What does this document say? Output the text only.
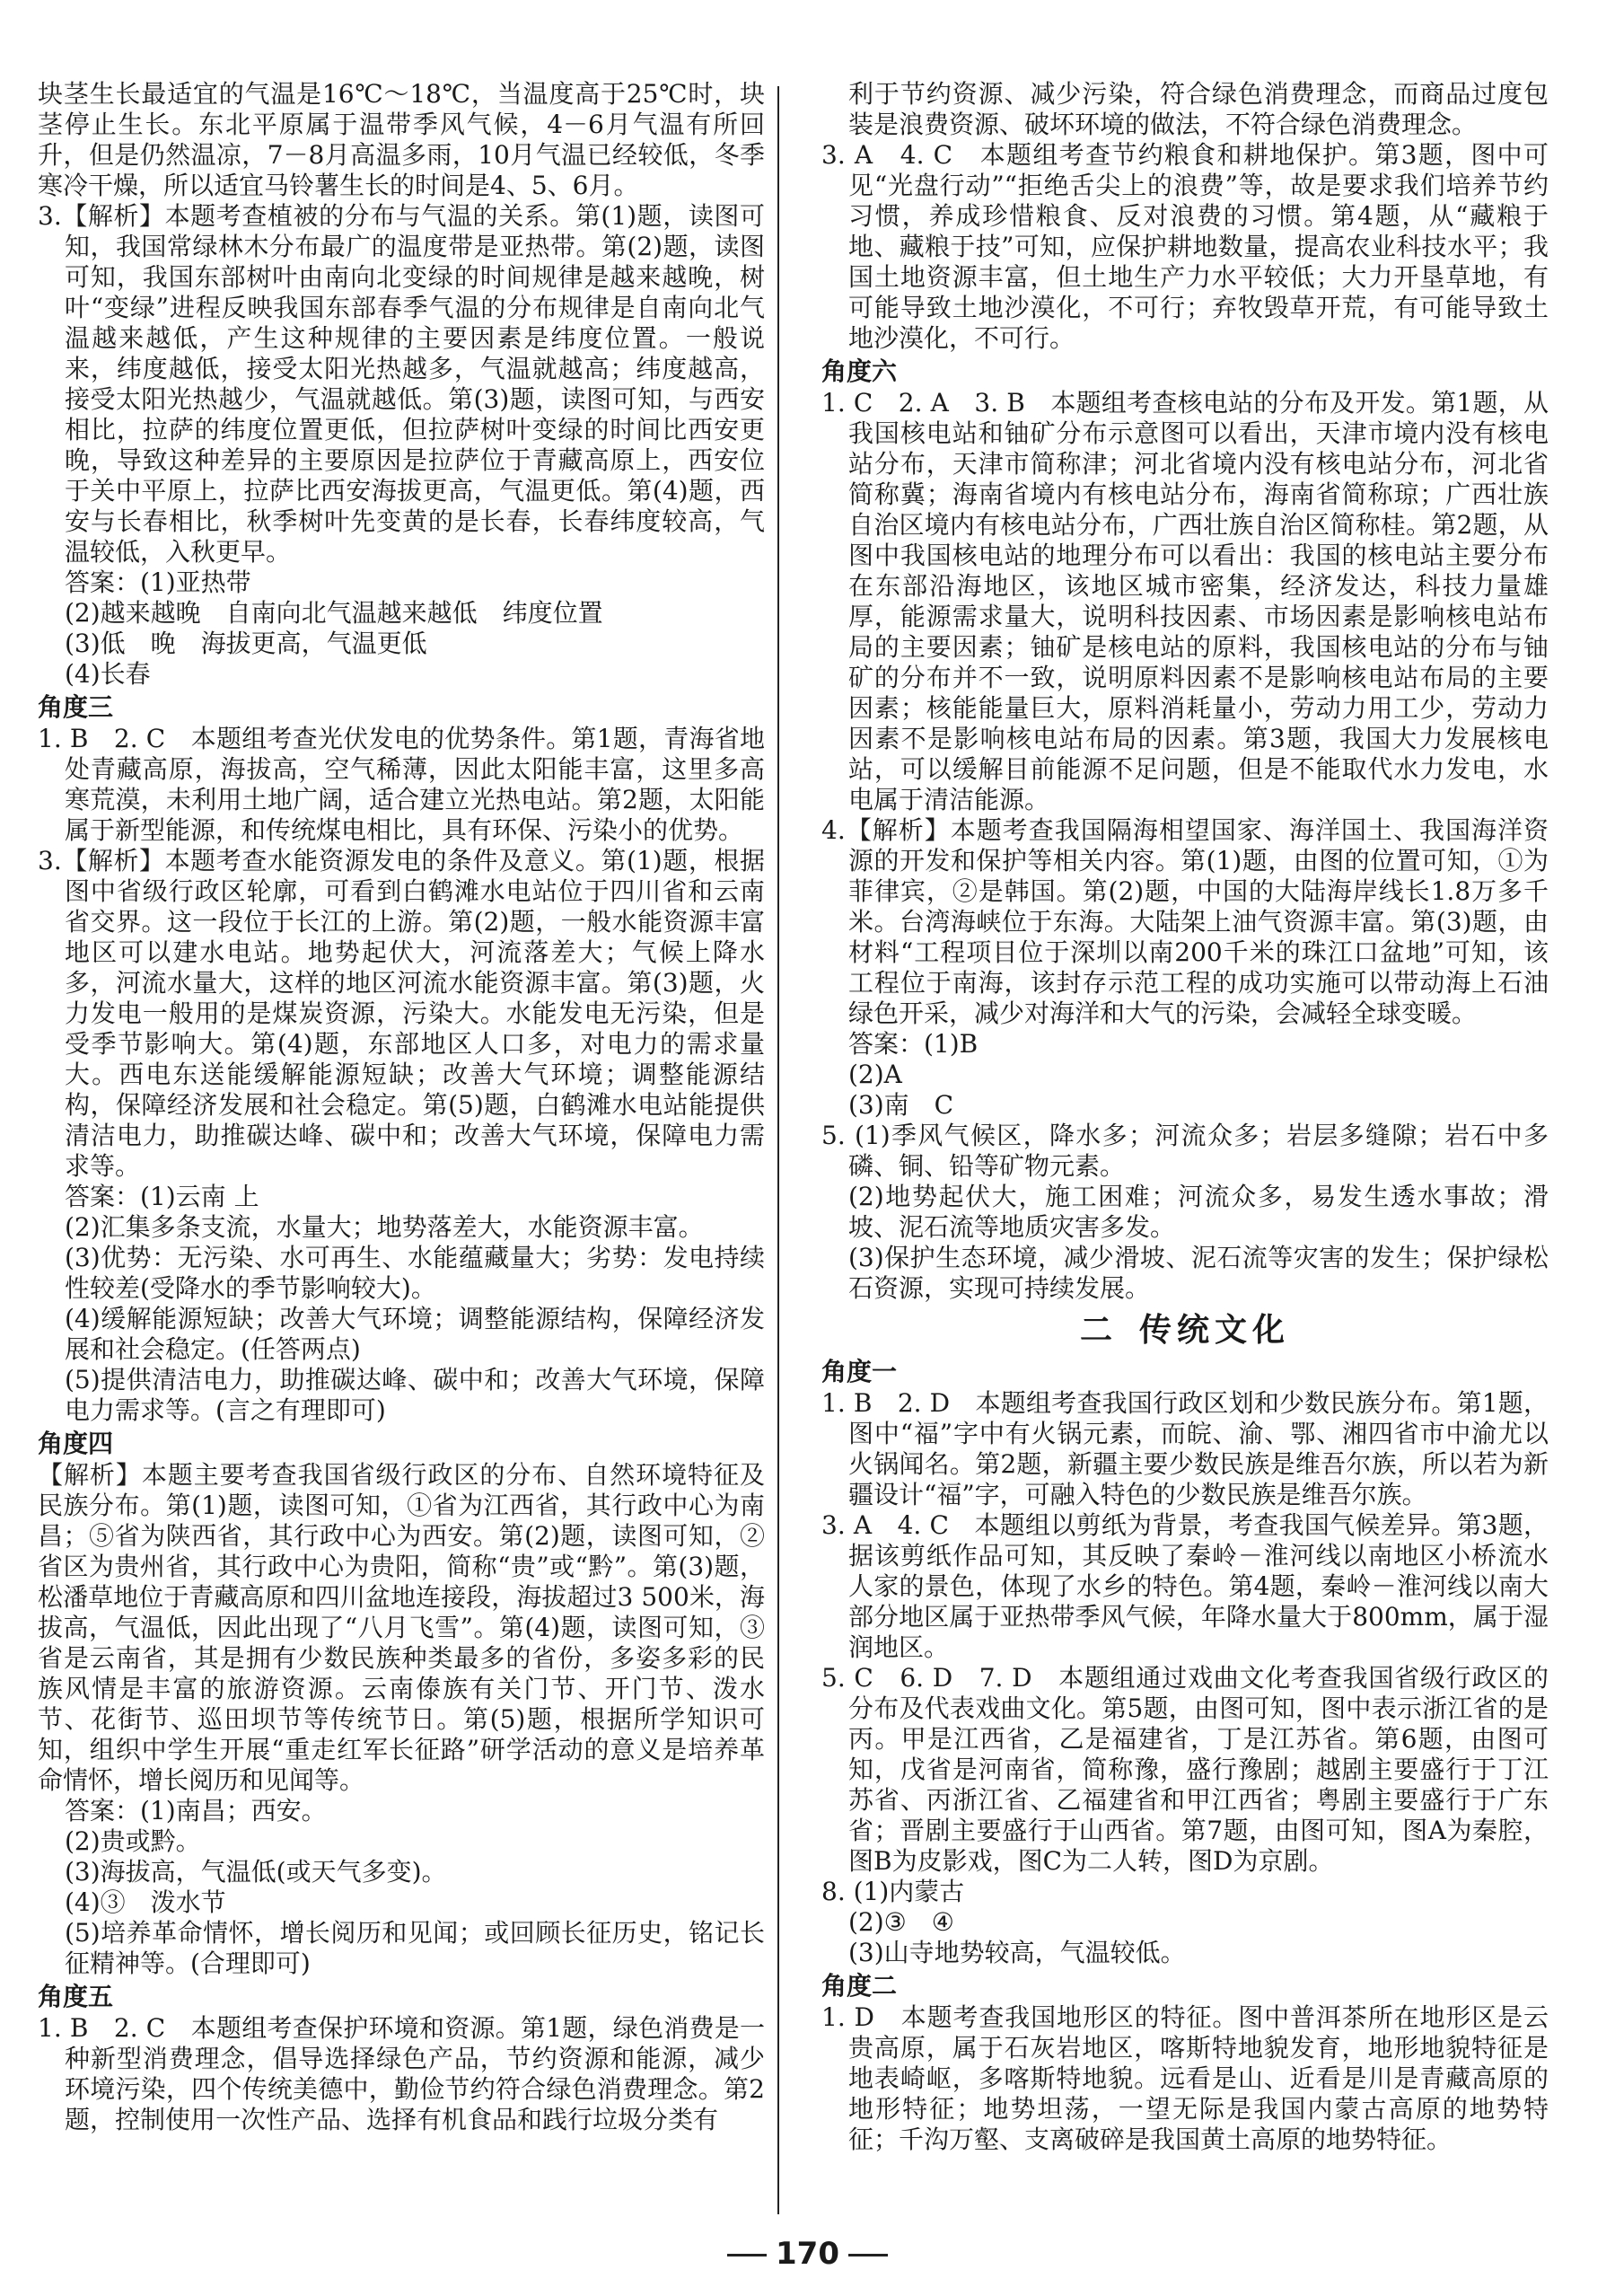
块茎生长最适宜的气温是16℃～18℃，当温度高于25℃时，块茎停止生长。东北平原属于温带季风气候，4－6月气温有所回升，但是仍然温凉，7－8月高温多雨，10月气温已经较低，冬季寒冷干燥，所以适宜马铃薯生长的时间是4、5、6月。

3.【解析】本题考查植被的分布与气温的关系。第(1)题，读图可知，我国常绿林木分布最广的温度带是亚热带。第(2)题，读图可知，我国东部树叶由南向北变绿的时间规律是越来越晚，树叶“变绿”进程反映我国东部春季气温的分布规律是自南向北气温越来越低，产生这种规律的主要因素是纬度位置。一般说来，纬度越低，接受太阳光热越多，气温就越高；纬度越高，接受太阳光热越少，气温就越低。第(3)题，读图可知，与西安相比，拉萨的纬度位置更低，但拉萨树叶变绿的时间比西安更晚，导致这种差异的主要原因是拉萨位于青藏高原上，西安位于关中平原上，拉萨比西安海拔更高，气温更低。第(4)题，西安与长春相比，秋季树叶先变黄的是长春，长春纬度较高，气温较低，入秋更早。

答案：(1)亚热带

(2)越来越晚　自南向北气温越来越低　纬度位置

(3)低　晚　海拔更高，气温更低

(4)长春

角度三

1. B　2. C　本题组考查光伏发电的优势条件。第1题，青海省地处青藏高原，海拔高，空气稀薄，因此太阳能丰富，这里多高寒荒漠，未利用土地广阔，适合建立光热电站。第2题，太阳能属于新型能源，和传统煤电相比，具有环保、污染小的优势。

3.【解析】本题考查水能资源发电的条件及意义。第(1)题，根据图中省级行政区轮廓，可看到白鹤滩水电站位于四川省和云南省交界。这一段位于长江的上游。第(2)题，一般水能资源丰富地区可以建水电站。地势起伏大，河流落差大；气候上降水多，河流水量大，这样的地区河流水能资源丰富。第(3)题，火力发电一般用的是煤炭资源，污染大。水能发电无污染，但是受季节影响大。第(4)题，东部地区人口多，对电力的需求量大。西电东送能缓解能源短缺；改善大气环境；调整能源结构，保障经济发展和社会稳定。第(5)题，白鹤滩水电站能提供清洁电力，助推碳达峰、碳中和；改善大气环境，保障电力需求等。

答案：(1)云南 上

(2)汇集多条支流，水量大；地势落差大，水能资源丰富。

(3)优势：无污染、水可再生、水能蕴藏量大；劣势：发电持续性较差(受降水的季节影响较大)。

(4)缓解能源短缺；改善大气环境；调整能源结构，保障经济发展和社会稳定。(任答两点)

(5)提供清洁电力，助推碳达峰、碳中和；改善大气环境，保障电力需求等。(言之有理即可)

角度四

【解析】本题主要考查我国省级行政区的分布、自然环境特征及民族分布。第(1)题，读图可知，①省为江西省，其行政中心为南昌；⑤省为陕西省，其行政中心为西安。第(2)题，读图可知，②省区为贵州省，其行政中心为贵阳，简称“贵”或“黔”。第(3)题，松潘草地位于青藏高原和四川盆地连接段，海拔超过3 500米，海拔高，气温低，因此出现了“八月飞雪”。第(4)题，读图可知，③省是云南省，其是拥有少数民族种类最多的省份，多姿多彩的民族风情是丰富的旅游资源。云南傣族有关门节、开门节、泼水节、花街节、巡田坝节等传统节日。第(5)题，根据所学知识可知，组织中学生开展“重走红军长征路”研学活动的意义是培养革命情怀，增长阅历和见闻等。

答案：(1)南昌；西安。

(2)贵或黔。

(3)海拔高，气温低(或天气多变)。

(4)③　泼水节

(5)培养革命情怀，增长阅历和见闻；或回顾长征历史，铭记长征精神等。(合理即可)

角度五

1. B　2. C　本题组考查保护环境和资源。第1题，绿色消费是一种新型消费理念，倡导选择绿色产品，节约资源和能源，减少环境污染，四个传统美德中，勤俭节约符合绿色消费理念。第2题，控制使用一次性产品、选择有机食品和践行垃圾分类有

利于节约资源、减少污染，符合绿色消费理念，而商品过度包装是浪费资源、破坏环境的做法，不符合绿色消费理念。

3. A　4. C　本题组考查节约粮食和耕地保护。第3题，图中可见“光盘行动”“拒绝舌尖上的浪费”等，故是要求我们培养节约习惯，养成珍惜粮食、反对浪费的习惯。第4题，从“藏粮于地、藏粮于技”可知，应保护耕地数量，提高农业科技水平；我国土地资源丰富，但土地生产力水平较低；大力开垦草地，有可能导致土地沙漠化，不可行；弃牧毁草开荒，有可能导致土地沙漠化，不可行。

角度六

1. C　2. A　3. B　本题组考查核电站的分布及开发。第1题，从我国核电站和铀矿分布示意图可以看出，天津市境内没有核电站分布，天津市简称津；河北省境内没有核电站分布，河北省简称冀；海南省境内有核电站分布，海南省简称琼；广西壮族自治区境内有核电站分布，广西壮族自治区简称桂。第2题，从图中我国核电站的地理分布可以看出：我国的核电站主要分布在东部沿海地区，该地区城市密集，经济发达，科技力量雄厚，能源需求量大，说明科技因素、市场因素是影响核电站布局的主要因素；铀矿是核电站的原料，我国核电站的分布与铀矿的分布并不一致，说明原料因素不是影响核电站布局的主要因素；核能能量巨大，原料消耗量小，劳动力用工少，劳动力因素不是影响核电站布局的因素。第3题，我国大力发展核电站，可以缓解目前能源不足问题，但是不能取代水力发电，水电属于清洁能源。

4.【解析】本题考查我国隔海相望国家、海洋国土、我国海洋资源的开发和保护等相关内容。第(1)题，由图的位置可知，①为菲律宾，②是韩国。第(2)题，中国的大陆海岸线长1.8万多千米。台湾海峡位于东海。大陆架上油气资源丰富。第(3)题，由材料“工程项目位于深圳以南200千米的珠江口盆地”可知，该工程位于南海，该封存示范工程的成功实施可以带动海上石油绿色开采，减少对海洋和大气的污染，会减轻全球变暖。

答案：(1)B

(2)A

(3)南　C

5. (1)季风气候区，降水多；河流众多；岩层多缝隙；岩石中多磷、铜、铅等矿物元素。

(2)地势起伏大，施工困难；河流众多，易发生透水事故；滑坡、泥石流等地质灾害多发。

(3)保护生态环境，减少滑坡、泥石流等灾害的发生；保护绿松石资源，实现可持续发展。

二 传统文化
角度一

1. B　2. D　本题组考查我国行政区划和少数民族分布。第1题，图中“福”字中有火锅元素，而皖、渝、鄂、湘四省市中渝尤以火锅闻名。第2题，新疆主要少数民族是维吾尔族，所以若为新疆设计“福”字，可融入特色的少数民族是维吾尔族。

3. A　4. C　本题组以剪纸为背景，考查我国气候差异。第3题，据该剪纸作品可知，其反映了秦岭－淮河线以南地区小桥流水人家的景色，体现了水乡的特色。第4题，秦岭－淮河线以南大部分地区属于亚热带季风气候，年降水量大于800mm，属于湿润地区。

5. C　6. D　7. D　本题组通过戏曲文化考查我国省级行政区的分布及代表戏曲文化。第5题，由图可知，图中表示浙江省的是丙。甲是江西省，乙是福建省，丁是江苏省。第6题，由图可知，戊省是河南省，简称豫，盛行豫剧；越剧主要盛行于丁江苏省、丙浙江省、乙福建省和甲江西省；粤剧主要盛行于广东省；晋剧主要盛行于山西省。第7题，由图可知，图A为秦腔，图B为皮影戏，图C为二人转，图D为京剧。

8. (1)内蒙古

(2)③　④

(3)山寺地势较高，气温较低。

角度二

1. D　本题考查我国地形区的特征。图中普洱茶所在地形区是云贵高原，属于石灰岩地区，喀斯特地貌发育，地形地貌特征是地表崎岖，多喀斯特地貌。远看是山、近看是川是青藏高原的地形特征；地势坦荡，一望无际是我国内蒙古高原的地势特征；千沟万壑、支离破碎是我国黄土高原的地势特征。

170
